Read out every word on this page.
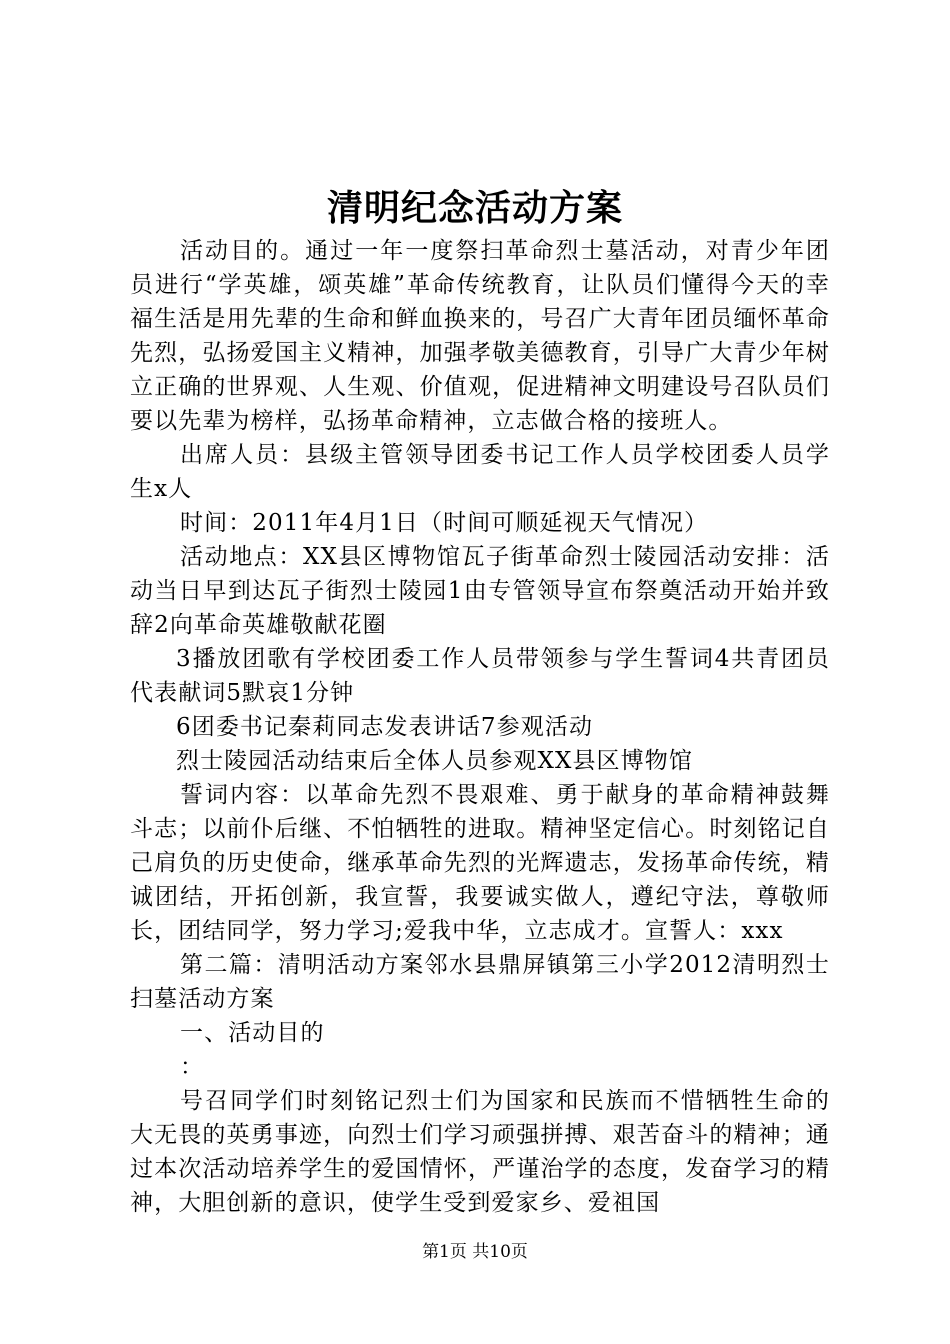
清明纪念活动方案

活动目的。通过一年一度祭扫革命烈士墓活动，对青少年团员进行“学英雄，颂英雄”革命传统教育，让队员们懂得今天的幸福生活是用先辈的生命和鲜血换来的，号召广大青年团员缅怀革命先烈，弘扬爱国主义精神，加强孝敬美德教育，引导广大青少年树立正确的世界观、人生观、价值观，促进精神文明建设号召队员们要以先辈为榜样，弘扬革命精神，立志做合格的接班人。

出席人员：县级主管领导团委书记工作人员学校团委人员学生x人

时间：2011年4月1日（时间可顺延视天气情况）

活动地点：XX县区博物馆瓦子街革命烈士陵园活动安排：活动当日早到达瓦子街烈士陵园1由专管领导宣布祭奠活动开始并致辞2向革命英雄敬献花圈

3播放团歌有学校团委工作人员带领参与学生誓词4共青团员代表献词5默哀1分钟

6团委书记秦莉同志发表讲话7参观活动

烈士陵园活动结束后全体人员参观XX县区博物馆

誓词内容：以革命先烈不畏艰难、勇于献身的革命精神鼓舞斗志；以前仆后继、不怕牺牲的进取。精神坚定信心。时刻铭记自己肩负的历史使命，继承革命先烈的光辉遗志，发扬革命传统，精诚团结，开拓创新，我宣誓，我要诚实做人，遵纪守法，尊敬师长，团结同学，努力学习;爱我中华，立志成才。宣誓人：xxx

第二篇：清明活动方案邻水县鼎屏镇第三小学2012清明烈士扫墓活动方案

一、活动目的

：

号召同学们时刻铭记烈士们为国家和民族而不惜牺牲生命的大无畏的英勇事迹，向烈士们学习顽强拼搏、艰苦奋斗的精神；通过本次活动培养学生的爱国情怀，严谨治学的态度，发奋学习的精神，大胆创新的意识，使学生受到爱家乡、爱祖国

第1页 共10页
